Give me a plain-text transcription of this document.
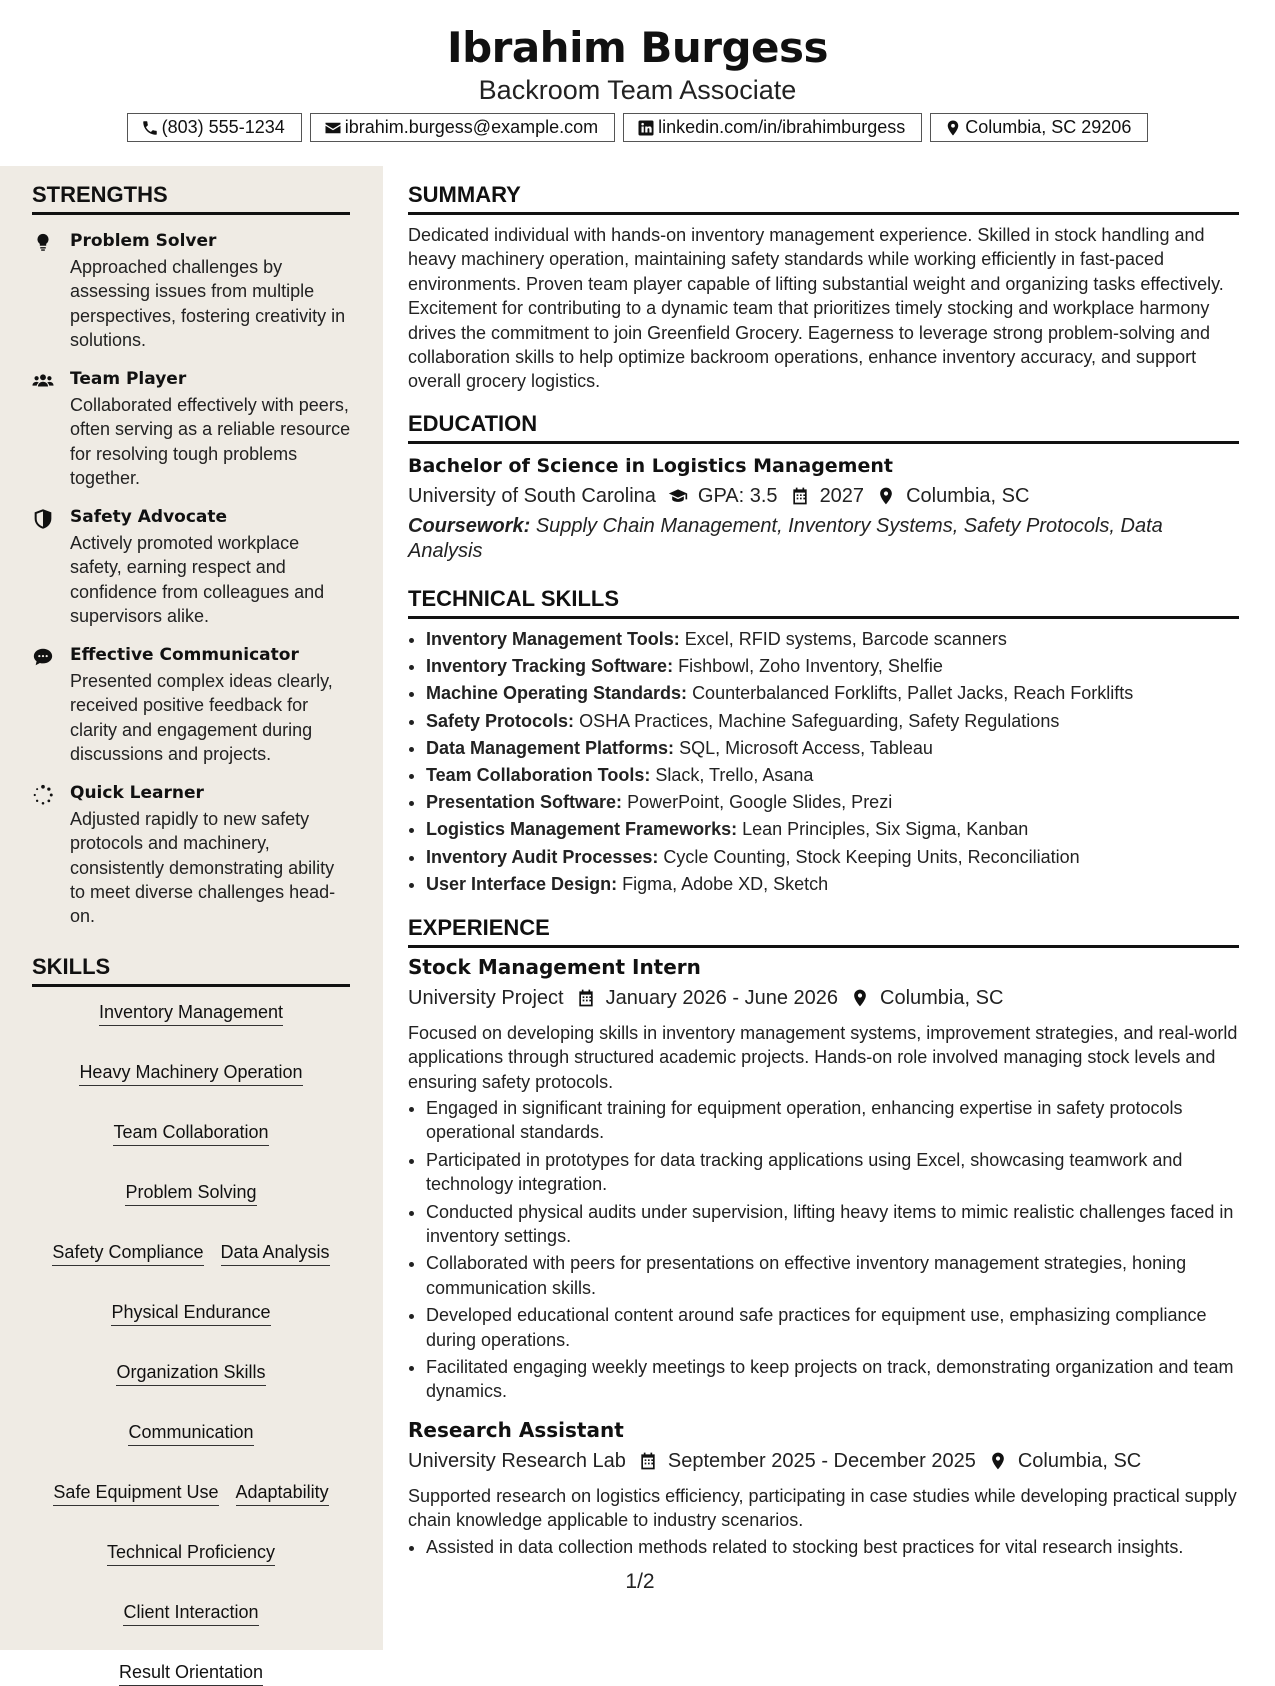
Ibrahim Burgess
Backroom Team Associate
(803) 555-1234	ibrahim.burgess@example.com	linkedin.com/in/ibrahimburgess	Columbia, SC 29206
STRENGTHS
Problem Solver
Approached challenges by assessing issues from multiple perspectives, fostering creativity in solutions.
Team Player
Collaborated effectively with peers, often serving as a reliable resource for resolving tough problems together.
Safety Advocate
Actively promoted workplace safety, earning respect and confidence from colleagues and supervisors alike.
Effective Communicator
Presented complex ideas clearly, received positive feedback for clarity and engagement during discussions and projects.
Quick Learner
Adjusted rapidly to new safety protocols and machinery, consistently demonstrating ability to meet diverse challenges head-on.
SKILLS
Inventory Management
Heavy Machinery Operation
Team Collaboration
Problem Solving
Safety Compliance Data Analysis
Physical Endurance
Organization Skills
Communication
Safe Equipment Use Adaptability
Technical Proficiency
Client Interaction
Result Orientation
SUMMARY
Dedicated individual with hands-on inventory management experience. Skilled in stock handling and heavy machinery operation, maintaining safety standards while working efficiently in fast-paced environments. Proven team player capable of lifting substantial weight and organizing tasks effectively. Excitement for contributing to a dynamic team that prioritizes timely stocking and workplace harmony drives the commitment to join Greenfield Grocery. Eagerness to leverage strong problem-solving and collaboration skills to help optimize backroom operations, enhance inventory accuracy, and support overall grocery logistics.
EDUCATION
Bachelor of Science in Logistics Management
University of South Carolina GPA: 3.5 2027 Columbia, SC
Coursework: Supply Chain Management, Inventory Systems, Safety Protocols, Data Analysis
TECHNICAL SKILLS
• Inventory Management Tools: Excel, RFID systems, Barcode scanners
• Inventory Tracking Software: Fishbowl, Zoho Inventory, Shelfie
• Machine Operating Standards: Counterbalanced Forklifts, Pallet Jacks, Reach Forklifts
• Safety Protocols: OSHA Practices, Machine Safeguarding, Safety Regulations
• Data Management Platforms: SQL, Microsoft Access, Tableau
• Team Collaboration Tools: Slack, Trello, Asana
• Presentation Software: PowerPoint, Google Slides, Prezi
• Logistics Management Frameworks: Lean Principles, Six Sigma, Kanban
• Inventory Audit Processes: Cycle Counting, Stock Keeping Units, Reconciliation
• User Interface Design: Figma, Adobe XD, Sketch
EXPERIENCE
Stock Management Intern
University Project January 2026 - June 2026 Columbia, SC
Focused on developing skills in inventory management systems, improvement strategies, and real-world applications through structured academic projects. Hands-on role involved managing stock levels and ensuring safety protocols.
• Engaged in significant training for equipment operation, enhancing expertise in safety protocols operational standards.
• Participated in prototypes for data tracking applications using Excel, showcasing teamwork and technology integration.
• Conducted physical audits under supervision, lifting heavy items to mimic realistic challenges faced in inventory settings.
• Collaborated with peers for presentations on effective inventory management strategies, honing communication skills.
• Developed educational content around safe practices for equipment use, emphasizing compliance during operations.
• Facilitated engaging weekly meetings to keep projects on track, demonstrating organization and team dynamics.
Research Assistant
University Research Lab September 2025 - December 2025 Columbia, SC
Supported research on logistics efficiency, participating in case studies while developing practical supply chain knowledge applicable to industry scenarios.
• Assisted in data collection methods related to stocking best practices for vital research insights.
1/2
